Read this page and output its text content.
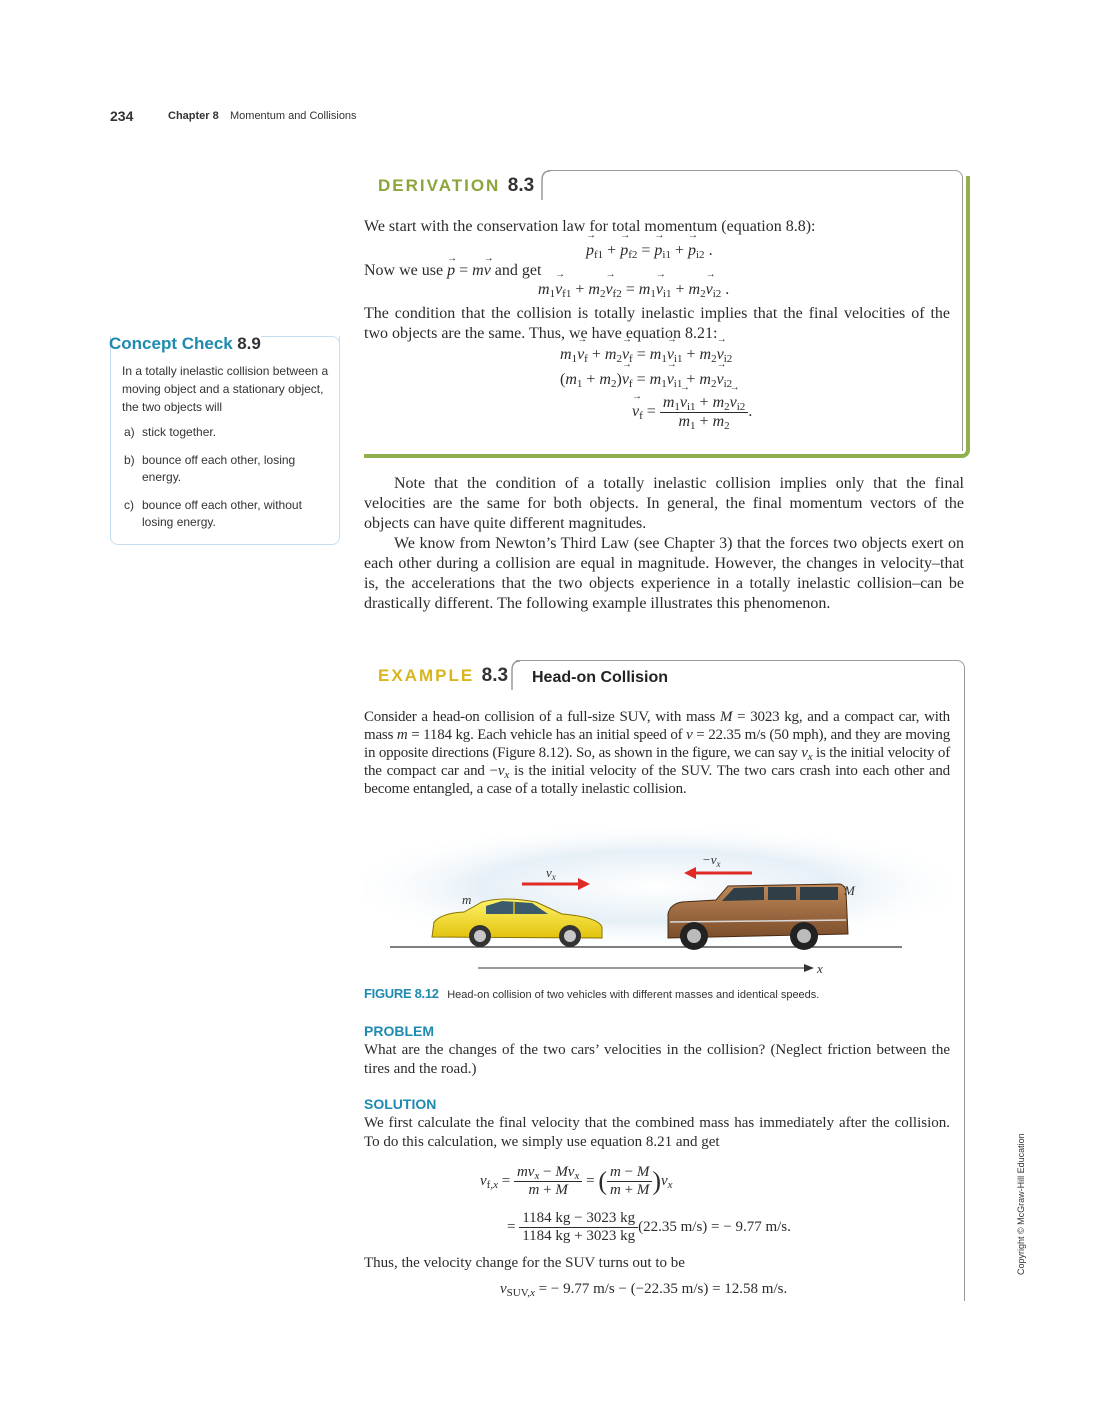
234	Chapter 8 Momentum and Collisions
DERIVATION 8.3
We start with the conservation law for total momentum (equation 8.8):
→ $p_{f1}$ + → $p_{f2}$ = → $p_{i1}$ + → $p_{i2}$ .
Now we use → p = m→ v and get
$m_1\to v_{f1} + m_2\to v_{f2} = m_1\to v_{i1} + m_2\to v_{i2}$ .
The condition that the collision is totally inelastic implies that the final velocities of the two objects are the same. Thus, we have equation 8.21:
$m_1\to v_f + m_2\to v_f = m_1\to v_{i1} + m_2\to v_{i2}$
$(m_1 + m_2)\to v_f = m_1\to v_{i1} + m_2\to v_{i2}$
→ $v_f = \frac{m_1\to v_{i1} + m_2\to v_{i2}}{m_1 + m_2}$ .
Concept Check 8.9
In a totally inelastic collision between a moving object and a stationary object, the two objects will
a) stick together.
b) bounce off each other, losing energy.
c) bounce off each other, without losing energy.
Note that the condition of a totally inelastic collision implies only that the final velocities are the same for both objects. In general, the final momentum vectors of the objects can have quite different magnitudes.
We know from Newton’s Third Law (see Chapter 3) that the forces two objects exert on each other during a collision are equal in magnitude. However, the changes in velocity–that is, the accelerations that the two objects experience in a totally inelastic collision–can be drastically different. The following example illustrates this phenomenon.
EXAMPLE 8.3 Head-on Collision
Consider a head-on collision of a full-size SUV, with mass M = 3023 kg, and a compact car, with mass m = 1184 kg. Each vehicle has an initial speed of v = 22.35 m/s (50 mph), and they are moving in opposite directions (Figure 8.12). So, as shown in the figure, we can say $v_x$ is the initial velocity of the compact car and $-v_x$ is the initial velocity of the SUV. The two cars crash into each other and become entangled, a case of a totally inelastic collision.
$v_x$
$-v_x$
m
M
x
FIGURE 8.12 Head-on collision of two vehicles with different masses and identical speeds.
PROBLEM
What are the changes of the two cars’ velocities in the collision? (Neglect friction between the tires and the road.)
SOLUTION
We first calculate the final velocity that the combined mass has immediately after the collision. To do this calculation, we simply use equation 8.21 and get
$v_{f,x} = \frac{mv_x - Mv_x}{m + M}$ = ( $\frac{m - M}{m + M} )v_x$
= $\frac{1184 kg - 3023 kg}{1184 kg + 3023 kg} (22.35$ m/s) = − 9.77 m/s.
Thus, the velocity change for the SUV turns out to be
$v_{SUV,x}$ = − 9.77 m/s − (−22.35 m/s) = 12.58 m/s.
Copyright © McGraw-Hill Education
